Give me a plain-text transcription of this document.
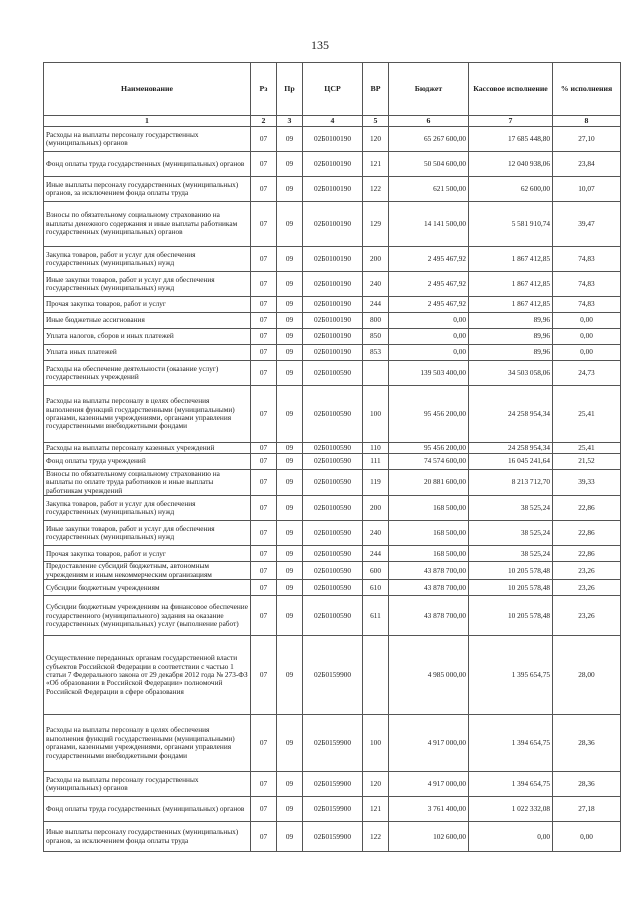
135
Наименование	Рз	Пр	ЦСР	ВР	Бюджет	Кассовое исполнение	% исполнения
1	2	3	4	5	6	7	8
Расходы на выплаты персоналу государственных (муниципальных) органов	07	09	02Б0100190	120	65 267 600,00	17 685 448,80	27,10
Фонд оплаты труда государственных (муниципальных) органов	07	09	02Б0100190	121	50 504 600,00	12 040 938,06	23,84
Иные выплаты персоналу государственных (муниципальных) органов, за исключением фонда оплаты труда	07	09	02Б0100190	122	621 500,00	62 600,00	10,07
Взносы по обязательному социальному страхованию на выплаты денежного содержания и иные выплаты работникам государственных (муниципальных) органов	07	09	02Б0100190	129	14 141 500,00	5 581 910,74	39,47
Закупка товаров, работ и услуг для обеспечения государственных (муниципальных) нужд	07	09	02Б0100190	200	2 495 467,92	1 867 412,85	74,83
Иные закупки товаров, работ и услуг для обеспечения государственных (муниципальных) нужд	07	09	02Б0100190	240	2 495 467,92	1 867 412,85	74,83
Прочая закупка товаров, работ и услуг	07	09	02Б0100190	244	2 495 467,92	1 867 412,85	74,83
Иные бюджетные ассигнования	07	09	02Б0100190	800	0,00	89,96	0,00
Уплата налогов, сборов и иных платежей	07	09	02Б0100190	850	0,00	89,96	0,00
Уплата иных платежей	07	09	02Б0100190	853	0,00	89,96	0,00
Расходы на обеспечение деятельности (оказание услуг) государственных учреждений	07	09	02Б0100590		139 503 400,00	34 503 058,06	24,73
Расходы на выплаты персоналу в целях обеспечения выполнения функций государственными (муниципальными) органами, казенными учреждениями, органами управления государственными внебюджетными фондами	07	09	02Б0100590	100	95 456 200,00	24 258 954,34	25,41
Расходы на выплаты персоналу казенных учреждений	07	09	02Б0100590	110	95 456 200,00	24 258 954,34	25,41
Фонд оплаты труда учреждений	07	09	02Б0100590	111	74 574 600,00	16 045 241,64	21,52
Взносы по обязательному социальному страхованию на выплаты по оплате труда работников и иные выплаты работникам учреждений	07	09	02Б0100590	119	20 881 600,00	8 213 712,70	39,33
Закупка товаров, работ и услуг для обеспечения государственных (муниципальных) нужд	07	09	02Б0100590	200	168 500,00	38 525,24	22,86
Иные закупки товаров, работ и услуг для обеспечения государственных (муниципальных) нужд	07	09	02Б0100590	240	168 500,00	38 525,24	22,86
Прочая закупка товаров, работ и услуг	07	09	02Б0100590	244	168 500,00	38 525,24	22,86
Предоставление субсидий бюджетным, автономным учреждениям и иным некоммерческим организациям	07	09	02Б0100590	600	43 878 700,00	10 205 578,48	23,26
Субсидии бюджетным учреждениям	07	09	02Б0100590	610	43 878 700,00	10 205 578,48	23,26
Субсидии бюджетным учреждениям на финансовое обеспечение государственного (муниципального) задания на оказание государственных (муниципальных) услуг (выполнение работ)	07	09	02Б0100590	611	43 878 700,00	10 205 578,48	23,26
Осуществление переданных органам государственной власти субъектов Российской Федерации в соответствии с частью 1 статьи 7 Федерального закона от 29 декабря 2012 года № 273-ФЗ «Об образовании в Российской Федерации» полномочий Российской Федерации в сфере образования	07	09	02Б0159900		4 985 000,00	1 395 654,75	28,00
Расходы на выплаты персоналу в целях обеспечения выполнения функций государственными (муниципальными) органами, казенными учреждениями, органами управления государственными внебюджетными фондами	07	09	02Б0159900	100	4 917 000,00	1 394 654,75	28,36
Расходы на выплаты персоналу государственных (муниципальных) органов	07	09	02Б0159900	120	4 917 000,00	1 394 654,75	28,36
Фонд оплаты труда государственных (муниципальных) органов	07	09	02Б0159900	121	3 761 400,00	1 022 332,08	27,18
Иные выплаты персоналу государственных (муниципальных) органов, за исключением фонда оплаты труда	07	09	02Б0159900	122	102 600,00	0,00	0,00
